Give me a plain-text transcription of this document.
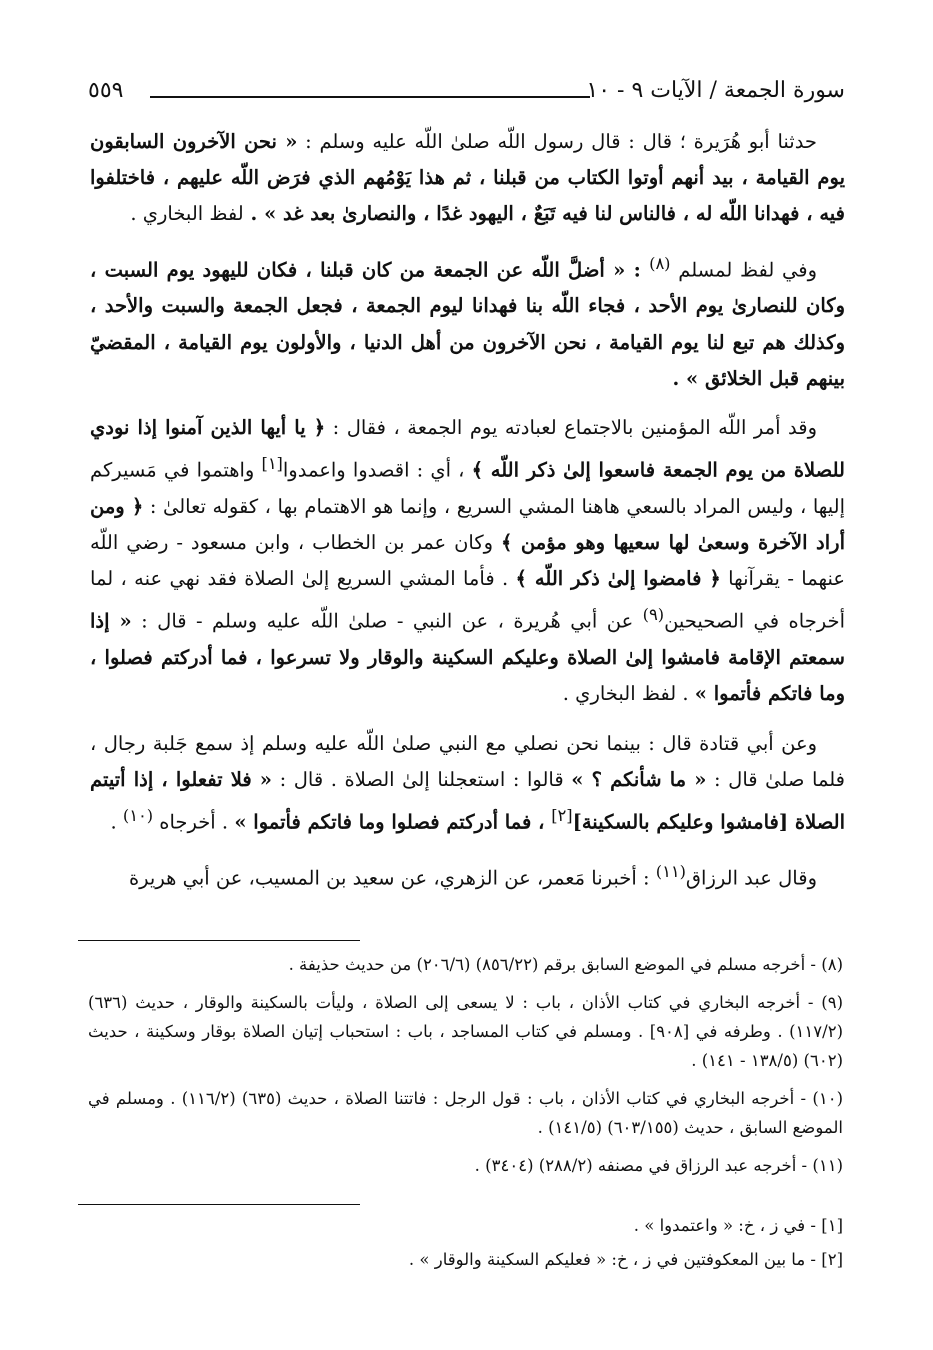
سورة الجمعة / الآيات ٩ - ١٠
٥٥٩

حدثنا أبو هُرَيرة ؛ قال : قال رسول اللّه صلىٰ اللّه عليه وسلم : « نحن الآخرون السابقون يوم القيامة ، بيد أنهم أوتوا الكتاب من قبلنا ، ثم هذا يَوْمُهم الذي فرَض اللّه عليهم ، فاختلفوا فيه ، فهدانا اللّه له ، فالناس لنا فيه تَبَعٌ ، اليهود غدًا ، والنصارىٰ بعد غد » . لفظ البخاري .

وفي لفظ لمسلم $^{(٨)}$ : « أضلَّ اللّه عن الجمعة من كان قبلنا ، فكان لليهود يوم السبت ، وكان للنصارىٰ يوم الأحد ، فجاء اللّه بنا فهدانا ليوم الجمعة ، فجعل الجمعة والسبت والأحد ، وكذلك هم تبع لنا يوم القيامة ، نحن الآخرون من أهل الدنيا ، والأولون يوم القيامة ، المقضيّ بينهم قبل الخلائق » .

وقد أمر اللّه المؤمنين بالاجتماع لعبادته يوم الجمعة ، فقال : ﴿ يا أيها الذين آمنوا إذا نودي للصلاة من يوم الجمعة فاسعوا إلىٰ ذكر اللّه ﴾ ، أي : اقصدوا واعمدوا[١] واهتموا في مَسيركم إليها ، وليس المراد بالسعي هاهنا المشي السريع ، وإنما هو الاهتمام بها ، كقوله تعالىٰ : ﴿ ومن أراد الآخرة وسعىٰ لها سعيها وهو مؤمن ﴾ وكان عمر بن الخطاب ، وابن مسعود - رضي اللّه عنهما - يقرآنها ﴿ فامضوا إلىٰ ذكر اللّه ﴾ . فأما المشي السريع إلىٰ الصلاة فقد نهي عنه ، لما أخرجاه في الصحيحين$^{(٩)}$ عن أبي هُريرة ، عن النبي - صلىٰ اللّه عليه وسلم - قال : « إذا سمعتم الإقامة فامشوا إلىٰ الصلاة وعليكم السكينة والوقار ولا تسرعوا ، فما أدركتم فصلوا ، وما فاتكم فأتموا » . لفظ البخاري .

وعن أبي قتادة قال : بينما نحن نصلي مع النبي صلىٰ اللّه عليه وسلم إذ سمع جَلبة رجال ، فلما صلىٰ قال : « ما شأنكم ؟ » قالوا : استعجلنا إلىٰ الصلاة . قال : « فلا تفعلوا ، إذا أتيتم الصلاة [فامشوا وعليكم بالسكينة][٢] ، فما أدركتم فصلوا وما فاتكم فأتموا » . أخرجاه $^{(١٠)}$ .

وقال عبد الرزاق$^{(١١)}$ : أخبرنا مَعمر، عن الزهري، عن سعيد بن المسيب، عن أبي هريرة

(٨) - أخرجه مسلم في الموضع السابق برقم (٨٥٦/٢٢) (٢٠٦/٦) من حديث حذيفة .

(٩) - أخرجه البخاري في كتاب الأذان ، باب : لا يسعى إلى الصلاة ، وليأت بالسكينة والوقار ، حديث (٦٣٦) (١١٧/٢) . وطرفه في [٩٠٨] . ومسلم في كتاب المساجد ، باب : استحباب إتيان الصلاة بوقار وسكينة ، حديث (٦٠٢) (١٣٨/٥ - ١٤١) .

(١٠) - أخرجه البخاري في كتاب الأذان ، باب : قول الرجل : فاتتنا الصلاة ، حديث (٦٣٥) (١١٦/٢) . ومسلم في الموضع السابق ، حديث (٦٠٣/١٥٥) (١٤١/٥) .

(١١) - أخرجه عبد الرزاق في مصنفه (٢٨٨/٢) (٣٤٠٤) .

[١] - في ز ، خ: « واعتمدوا » .

[٢] - ما بين المعكوفتين في ز ، خ: « فعليكم السكينة والوقار » .
